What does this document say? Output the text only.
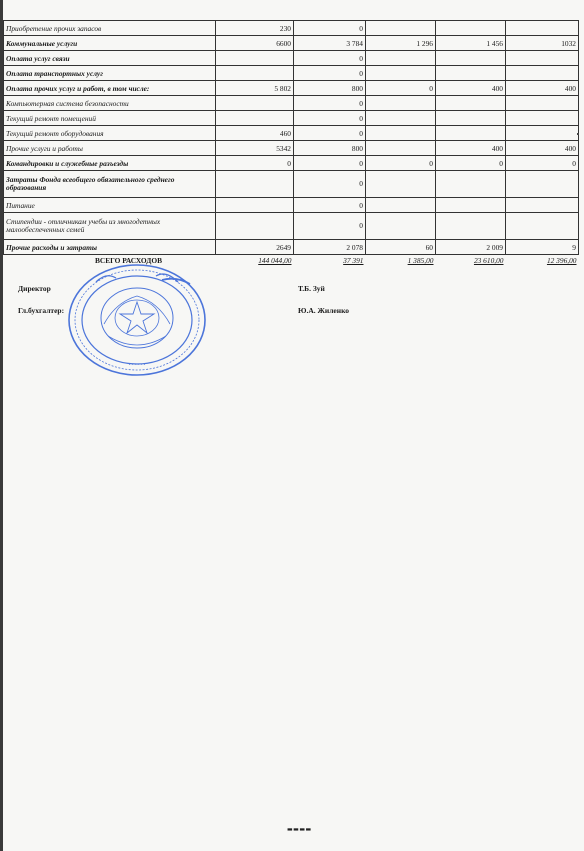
Приобретение прочих запасов	230	0			
Коммунальные услуги	6600	3 784	1 296	1 456	1032
Оплата услуг связи		0			
Оплата транспортных услуг		0			
Оплата прочих услуг и работ, в том числе:	5 802	800	0	400	400
Компьютерная система безопасности		0			
Текущий ремонт помещений		0			
Текущий ремонт оборудования	460	0			
Прочие услуги и работы	5342	800		400	400
Командировки и служебные разъезды	0	0	0	0	0
Затраты Фонда всеобщего обязательного среднего образования		0			
Питание		0			
Стипендии - отличникам учебы из многодетных малообеспеченных семей		0			
Прочие расходы и затраты	2649	2 078	60	2 009	9
ВСЕГО РАСХОДОВ	144 044,00	37 391	1 385,00	23 610,00	12 396,00
Директор	Т.Б. Зуй
Гл.бухгалтер:	Ю.А. Жиленко
• • • • • •
▬▬▬▬
